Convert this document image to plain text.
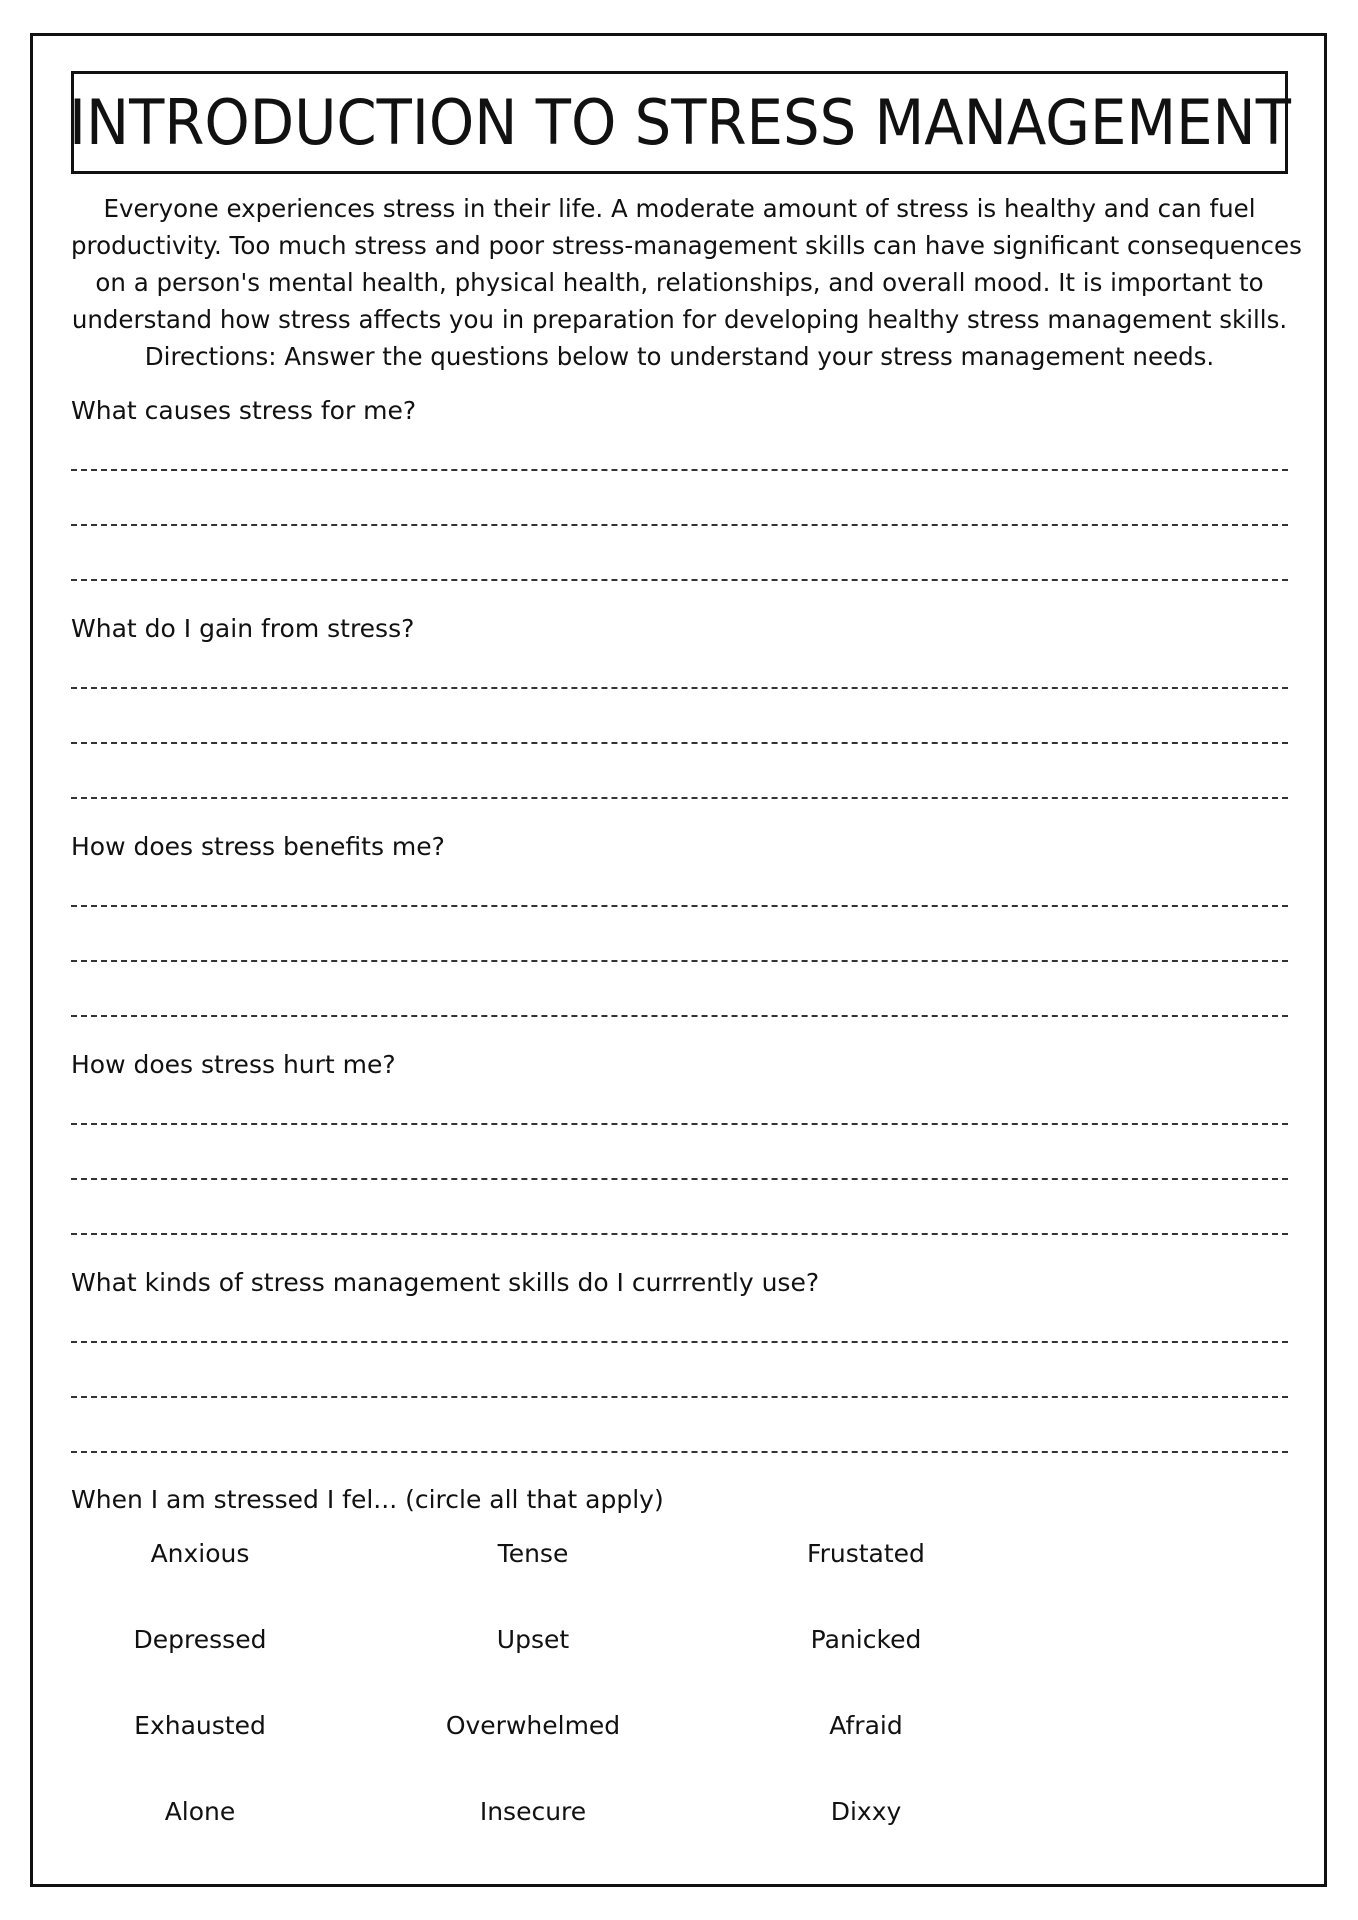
INTRODUCTION TO STRESS MANAGEMENT

Everyone experiences stress in their life. A moderate amount of stress is healthy and can fuel

productivity. Too much stress and poor stress-management skills can have significant consequences

on a person's mental health, physical health, relationships, and overall mood. It is important to

understand how stress affects you in preparation for developing healthy stress management skills.

Directions: Answer the questions below to understand your stress management needs.

What causes stress for me?
What do I gain from stress?
How does stress benefits me?
How does stress hurt me?
What kinds of stress management skills do I currrently use?
When I am stressed I fel... (circle all that apply)
Anxious	Tense	Frustated
Depressed	Upset	Panicked
Exhausted	Overwhelmed	Afraid
Alone	Insecure	Dixxy
